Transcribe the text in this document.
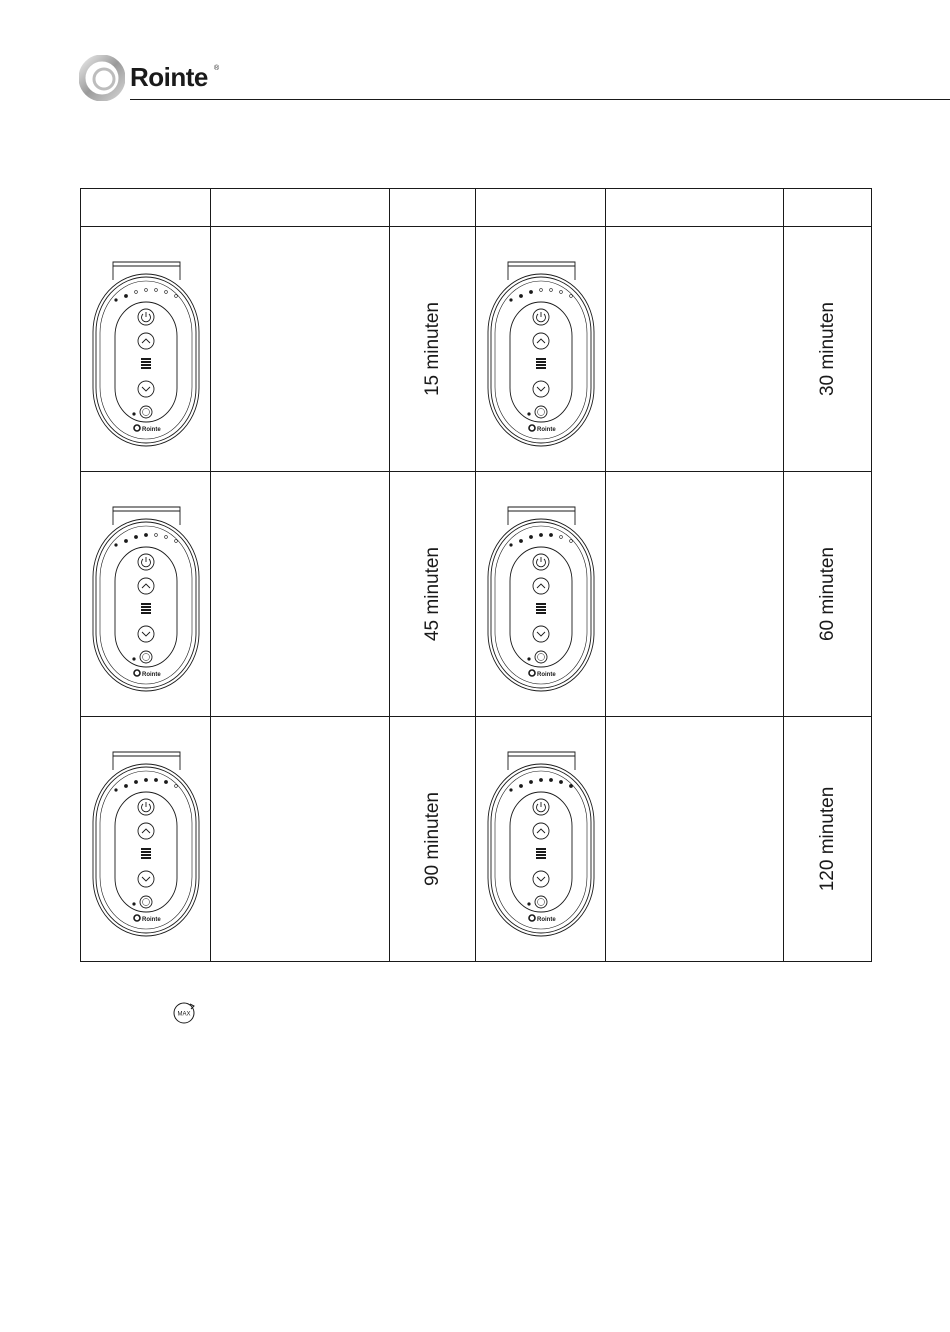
Rointe ®

Rointe		15 minuten	Rointe		30 minuten

Rointe		45 minuten	Rointe		60 minuten

Rointe		90 minuten	Rointe		120 minuten
MAX
